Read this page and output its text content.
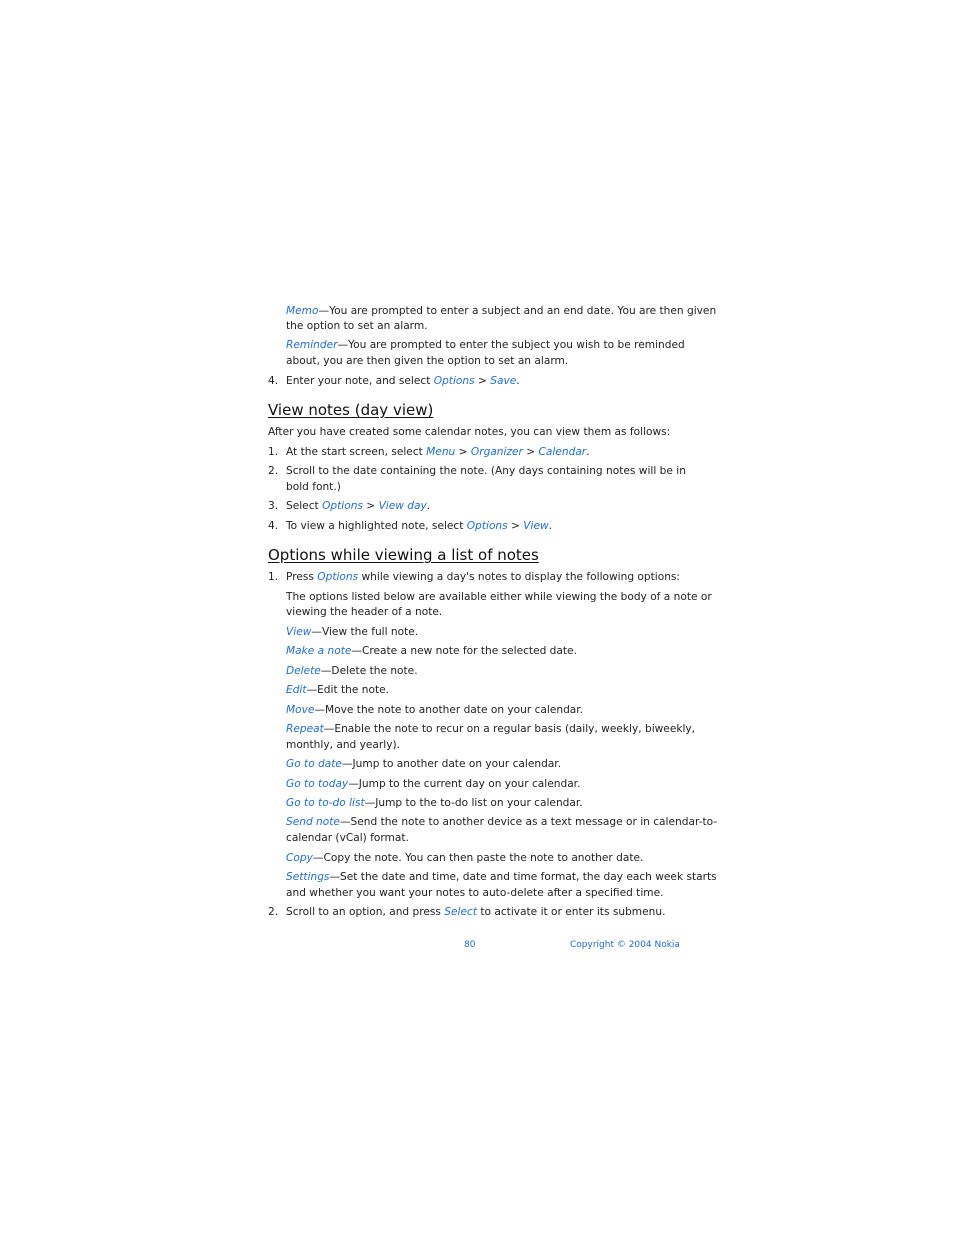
Memo—You are prompted to enter a subject and an end date. You are then given
the option to set an alarm.
Reminder—You are prompted to enter the subject you wish to be reminded
about, you are then given the option to set an alarm.
4. Enter your note, and select Options > Save.
View notes (day view)
After you have created some calendar notes, you can view them as follows:
1. At the start screen, select Menu > Organizer > Calendar.
2. Scroll to the date containing the note. (Any days containing notes will be in
bold font.)
3. Select Options > View day.
4. To view a highlighted note, select Options > View.
Options while viewing a list of notes
1. Press Options while viewing a day's notes to display the following options:
The options listed below are available either while viewing the body of a note or
viewing the header of a note.
View—View the full note.
Make a note—Create a new note for the selected date.
Delete—Delete the note.
Edit—Edit the note.
Move—Move the note to another date on your calendar.
Repeat—Enable the note to recur on a regular basis (daily, weekly, biweekly,
monthly, and yearly).
Go to date—Jump to another date on your calendar.
Go to today—Jump to the current day on your calendar.
Go to to-do list—Jump to the to-do list on your calendar.
Send note—Send the note to another device as a text message or in calendar-to-
calendar (vCal) format.
Copy—Copy the note. You can then paste the note to another date.
Settings—Set the date and time, date and time format, the day each week starts
and whether you want your notes to auto-delete after a specified time.
2. Scroll to an option, and press Select to activate it or enter its submenu.
80	Copyright © 2004 Nokia
